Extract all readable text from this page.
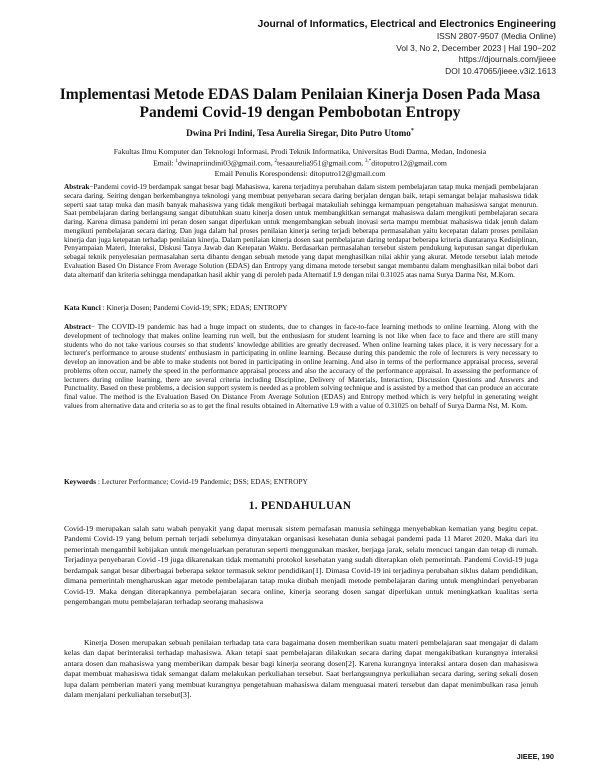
Journal of Informatics, Electrical and Electronics Engineering
ISSN 2807-9507 (Media Online)
Vol 3, No 2, December 2023 | Hal 190−202
https://djournals.com/jieee
DOI 10.47065/jieee.v3i2.1613
Implementasi Metode EDAS Dalam Penilaian Kinerja Dosen Pada Masa Pandemi Covid-19 dengan Pembobotan Entropy
Dwina Pri Indini, Tesa Aurelia Siregar, Dito Putro Utomo*
Fakultas Ilmu Komputer dan Teknologi Informasi, Prodi Teknik Informatika, Universitas Budi Darma, Medan, Indonesia
Email: $^1$dwinapriindini03@gmail.com, $^2$tesaaurelia951@gmail.com, $^{3,*}$ditoputro12@gmail.com
Email Penulis Korespondensi: ditoputro12@gmail.com

Abstrak−Pandemi covid-19 berdampak sangat besar bagi Mahasiswa, karena terjadinya perubahan dalam sistem pembelajaran tatap muka menjadi pembelajaran secara daring. Seiring dengan berkembangnya teknologi yang membuat penyebaran secara daring berjalan dengan baik, tetapi semangat belajar mahasiswa tidak seperti saat tatap muka dan masih banyak mahasiswa yang tidak mengikuti berbagai matakuliah sehingga kemampuan pengetahuan mahasiswa sangat menurun. Saat pembelajaran daring berlangsung sangat dibutuhkan suatu kinerja dosen untuk membangkitkan semangat mahasiswa dalam mengikuti pembelajaran secara daring. Karena dimasa pandemi ini peran dosen sangat diperlukan untuk mengembangkan sebuah inovasi serta mampu membuat mahasiswa tidak jenuh dalam mengikuti pembelajaran secara daring. Dan juga dalam hal proses penilaian kinerja sering terjadi beberapa permasalahan yaitu kecepatan dalam proses penilaian kinerja dan juga ketepatan terhadap penilaian kinerja. Dalam penilaian kinerja dosen saat pembelajaran daring terdapat beberapa kriteria diantaranya Kedisiplinan, Penyampaian Materi, Interaksi, Diskusi Tanya Jawab dan Ketepatan Waktu. Berdasarkan permasalahan tersebut sistem pendukung keputusan sangat diperlukan sebagai teknik penyelesaian permasalahan serta dibantu dengan sebuah metode yang dapat menghasilkan nilai akhir yang akurat. Metode tersebut ialah metode Evaluation Based On Distance From Average Solution (EDAS) dan Entropy yang dimana metode tersebut sangat membantu dalam menghasilkan nilai bobot dari data alternatif dan kriteria sehingga mendapatkan hasil akhir yang di peroleh pada Alternatif L9 dengan nilai 0.31025 atas nama Surya Darma Nst, M.Kom.

Kata Kunci : Kinerja Dosen; Pandemi Covid-19; SPK; EDAS; ENTROPY

Abstract− The COVID-19 pandemic has had a huge impact on students, due to changes in face-to-face learning methods to online learning. Along with the development of technology that makes online learning run well, but the enthusiasm for student learning is not like when face to face and there are still many students who do not take various courses so that students' knowledge abilities are greatly decreased. When online learning takes place, it is very necessary for a lecturer's performance to arouse students' enthusiasm in participating in online learning. Because during this pandemic the role of lecturers is very necessary to develop an innovation and be able to make students not bored in participating in online learning. And also in terms of the performance appraisal process, several problems often occur, namely the speed in the performance appraisal process and also the accuracy of the performance appraisal. In assessing the performance of lecturers during online learning, there are several criteria including Discipline, Delivery of Materials, Interaction, Discussion Questions and Answers and Punctuality. Based on these problems, a decision support system is needed as a problem solving technique and is assisted by a method that can produce an accurate final value. The method is the Evaluation Based On Distance From Average Solution (EDAS) and Entropy method which is very helpful in generating weight values from alternative data and criteria so as to get the final results obtained in Alternative L9 with a value of 0.31025 on behalf of Surya Darma Nst, M. Kom.

Keywords : Lecturer Performance; Covid-19 Pandemic; DSS; EDAS; ENTROPY

1. PENDAHULUAN

Covid-19 merupakan salah satu wabah penyakit yang dapat merusak sistem pernafasan manusia sehingga menyebabkan kematian yang begitu cepat. Pandemi Covid-19 yang belum pernah terjadi sebelumya dinyatakan organisasi kesehatan dunia sebagai pandemi pada 11 Maret 2020. Maka dari itu pemerintah mengambil kebijakan untuk mengeluarkan peraturan seperti menggunakan masker, berjaga jarak, selalu mencuci tangan dan tetap di rumah. Terjadinya penyebaran Covid -19 juga dikarenakan tidak mematuhi protokol kesehatan yang sudah diterapkan oleh pemerintah. Pandemi Covid-19 juga berdampak sangat besar diberbagai beberapa sektor termasuk sektor pendidikan[1]. Dimasa Covid-19 ini terjadinya perubahan siklus dalam pendidikan, dimana pemerintah mengharuskan agar metode pembelajaran tatap muka diubah menjadi metode pembelajaran daring untuk menghindari penyebaran Covid-19. Maka dengan diterapkannya pembelajaran secara online, kinerja seorang dosen sangat diperlukan untuk meningkatkan kualitas serta pengembangan mutu pembelajaran terhadap seorang mahasiswa

Kinerja Dosen merupakan sebuah penilaian terhadap tata cara bagaimana dosen memberikan suatu materi pembelajaran saat mengajar di dalam kelas dan dapat berinteraksi terhadap mahasiswa. Akan tetapi saat pembelajaran dilakukan secara daring dapat mengakibatkan kurangnya interaksi antara dosen dan mahasiswa yang memberikan dampak besar bagi kinerja seorang dosen[2]. Karena kurangnya interaksi antara dosen dan mahasiswa dapat membuat mahasiswa tidak semangat dalam melakukan perkuliahan tersebut. Saat berlangsungnya perkuliahan secara daring, sering sekali dosen lupa dalam pemberian materi yang membuat kurangnya pengetahuan mahasiswa dalam menguasai materi tersebut dan dapat menimbulkan rasa jenuh dalam menjalani perkuliahan tersebut[3].

JIEEE, 190
